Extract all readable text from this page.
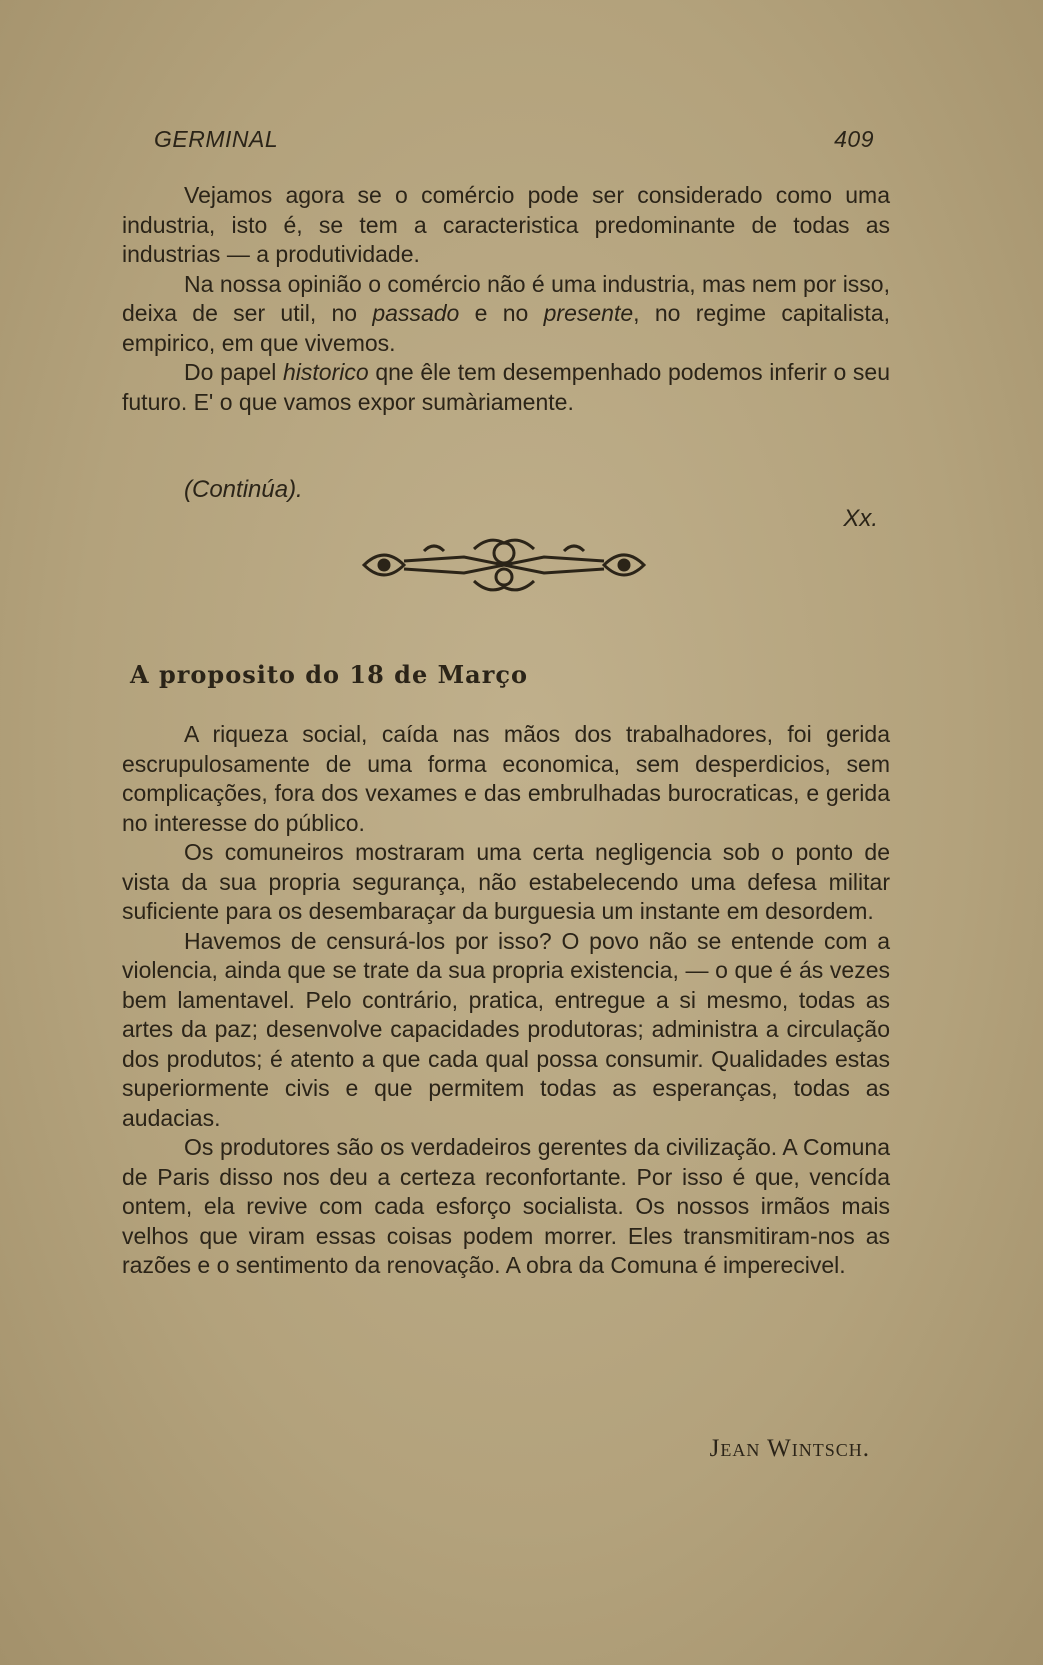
GERMINAL	409

Vejamos agora se o comércio pode ser considerado como uma industria, isto é, se tem a caracteristica predominante de todas as industrias — a produtividade.

Na nossa opinião o comércio não é uma industria, mas nem por isso, deixa de ser util, no passado e no presente, no regime capitalista, empirico, em que vivemos.

Do papel historico qne êle tem desempenhado podemos inferir o seu futuro. E' o que vamos expor sumàriamente.

(Continúa).
Xx.
A proposito do 18 de Março

A riqueza social, caída nas mãos dos trabalhadores, foi gerida escrupulosamente de uma forma economica, sem desperdicios, sem complicações, fora dos vexames e das embrulhadas burocraticas, e gerida no interesse do público.

Os comuneiros mostraram uma certa negligencia sob o ponto de vista da sua propria segurança, não estabelecendo uma defesa militar suficiente para os desembaraçar da burguesia um instante em desordem.

Havemos de censurá-los por isso? O povo não se entende com a violencia, ainda que se trate da sua propria existencia, — o que é ás vezes bem lamentavel. Pelo contrário, pratica, entregue a si mesmo, todas as artes da paz; desenvolve capacidades produtoras; administra a circulação dos produtos; é atento a que cada qual possa consumir. Qualidades estas superiormente civis e que permitem todas as esperanças, todas as audacias.

Os produtores são os verdadeiros gerentes da civilização. A Comuna de Paris disso nos deu a certeza reconfortante. Por isso é que, vencída ontem, ela revive com cada esforço socialista. Os nossos irmãos mais velhos que viram essas coisas podem morrer. Eles transmitiram-nos as razões e o sentimento da renovação. A obra da Comuna é imperecivel.

Jean Wintsch.
